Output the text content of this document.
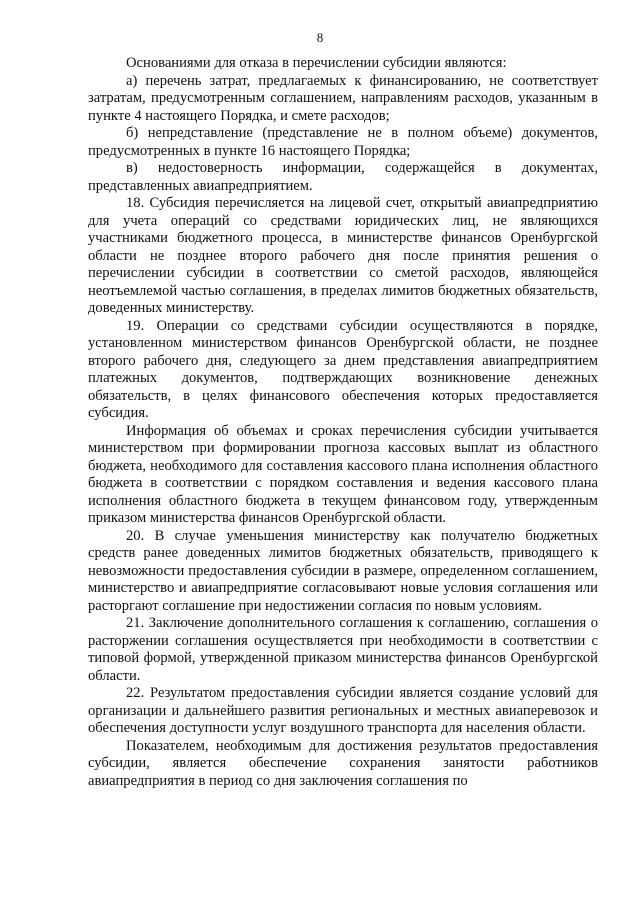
8

Основаниями для отказа в перечислении субсидии являются:

а) перечень затрат, предлагаемых к финансированию, не соответствует затратам, предусмотренным соглашением, направлениям расходов, указанным в пункте 4 настоящего Порядка, и смете расходов;

б) непредставление (представление не в полном объеме) документов, предусмотренных в пункте 16 настоящего Порядка;

в) недостоверность информации, содержащейся в документах, представленных авиапредприятием.

18. Субсидия перечисляется на лицевой счет, открытый авиапредприятию для учета операций со средствами юридических лиц, не являющихся участниками бюджетного процесса, в министерстве финансов Оренбургской области не позднее второго рабочего дня после принятия решения о перечислении субсидии в соответствии со сметой расходов, являющейся неотъемлемой частью соглашения, в пределах лимитов бюджетных обязательств, доведенных министерству.

19. Операции со средствами субсидии осуществляются в порядке, установленном министерством финансов Оренбургской области, не позднее второго рабочего дня, следующего за днем представления авиапредприятием платежных документов, подтверждающих возникновение денежных обязательств, в целях финансового обеспечения которых предоставляется субсидия.

Информация об объемах и сроках перечисления субсидии учитывается министерством при формировании прогноза кассовых выплат из областного бюджета, необходимого для составления кассового плана исполнения областного бюджета в соответствии с порядком составления и ведения кассового плана исполнения областного бюджета в текущем финансовом году, утвержденным приказом министерства финансов Оренбургской области.

20. В случае уменьшения министерству как получателю бюджетных средств ранее доведенных лимитов бюджетных обязательств, приводящего к невозможности предоставления субсидии в размере, определенном соглашением, министерство и авиапредприятие согласовывают новые условия соглашения или расторгают соглашение при недостижении согласия по новым условиям.

21. Заключение дополнительного соглашения к соглашению, соглашения о расторжении соглашения осуществляется при необходимости в соответствии с типовой формой, утвержденной приказом министерства финансов Оренбургской области.

22. Результатом предоставления субсидии является создание условий для организации и дальнейшего развития региональных и местных авиаперевозок и обеспечения доступности услуг воздушного транспорта для населения области.

Показателем, необходимым для достижения результатов предоставления субсидии, является обеспечение сохранения занятости работников авиапредприятия в период со дня заключения соглашения по
